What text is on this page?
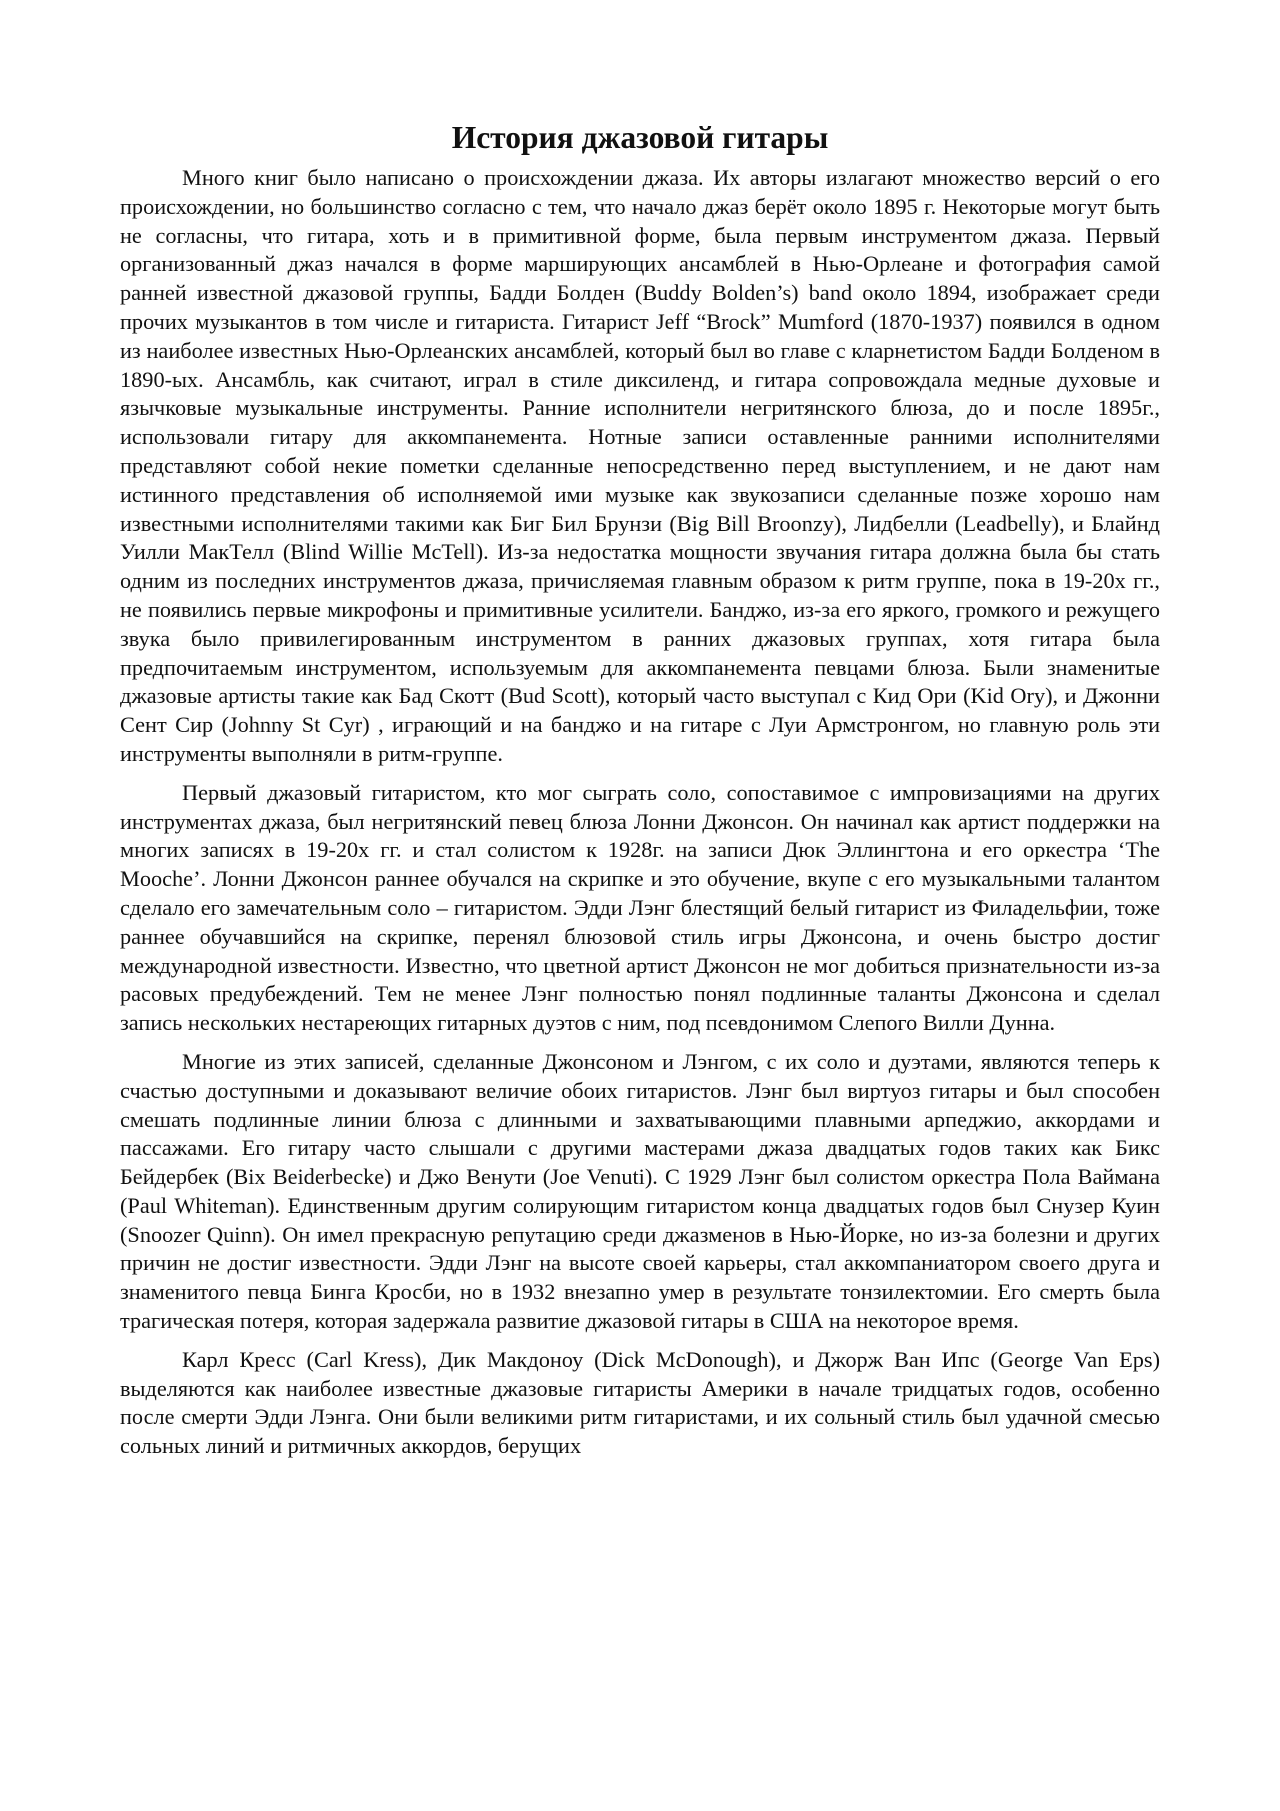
История джазовой гитары

Много книг было написано о происхождении джаза. Их авторы излагают множество версий о его происхождении, но большинство согласно с тем, что начало джаз берёт около 1895 г. Некоторые могут быть не согласны, что гитара, хоть и в примитивной форме, была первым инструментом джаза. Первый организованный джаз начался в форме марширующих ансамблей в Нью-Орлеане и фотография самой ранней известной джазовой группы, Бадди Болден (Buddy Bolden’s) band около 1894, изображает среди прочих музыкантов в том числе и гитариста. Гитарист Jeff “Brock” Mumford (1870-1937) появился в одном из наиболее известных Нью-Орлеанских ансамблей, который был во главе с кларнетистом Бадди Болденом в 1890-ых. Ансамбль, как считают, играл в стиле диксиленд, и гитара сопровождала медные духовые и язычковые музыкальные инструменты. Ранние исполнители негритянского блюза, до и после 1895г., использовали гитару для аккомпанемента. Нотные записи оставленные ранними исполнителями представляют собой некие пометки сделанные непосредственно перед выступлением, и не дают нам истинного представления об исполняемой ими музыке как звукозаписи сделанные позже хорошо нам известными исполнителями такими как Биг Бил Брунзи (Big Bill Broonzy), Лидбелли (Leadbelly), и Блайнд Уилли МакТелл (Blind Willie McTell). Из-за недостатка мощности звучания гитара должна была бы стать одним из последних инструментов джаза, причисляемая главным образом к ритм группе, пока в 19-20х гг., не появились первые микрофоны и примитивные усилители. Банджо, из-за его яркого, громкого и режущего звука было привилегированным инструментом в ранних джазовых группах, хотя гитара была предпочитаемым инструментом, используемым для аккомпанемента певцами блюза. Были знаменитые джазовые артисты такие как Бад Скотт (Bud Scott), который часто выступал с Кид Ори (Kid Ory), и Джонни Сент Сир (Johnny St Cyr) , играющий и на банджо и на гитаре с Луи Армстронгом, но главную роль эти инструменты выполняли в ритм-группе.

Первый джазовый гитаристом, кто мог сыграть соло, сопоставимое с импровизациями на других инструментах джаза, был негритянский певец блюза Лонни Джонсон. Он начинал как артист поддержки на многих записях в 19-20х гг. и стал солистом к 1928г. на записи Дюк Эллингтона и его оркестра ‘The Mooche’. Лонни Джонсон раннее обучался на скрипке и это обучение, вкупе с его музыкальными талантом сделало его замечательным соло – гитаристом. Эдди Лэнг блестящий белый гитарист из Филадельфии, тоже раннее обучавшийся на скрипке, перенял блюзовой стиль игры Джонсона, и очень быстро достиг международной известности. Известно, что цветной артист Джонсон не мог добиться признательности из-за расовых предубеждений. Тем не менее Лэнг полностью понял подлинные таланты Джонсона и сделал запись нескольких нестареющих гитарных дуэтов с ним, под псевдонимом Слепого Вилли Дунна.

Многие из этих записей, сделанные Джонсоном и Лэнгом, с их соло и дуэтами, являются теперь к счастью доступными и доказывают величие обоих гитаристов. Лэнг был виртуоз гитары и был способен смешать подлинные линии блюза с длинными и захватывающими плавными арпеджио, аккордами и пассажами. Его гитару часто слышали с другими мастерами джаза двадцатых годов таких как Бикс Бейдербек (Bix Beiderbecke) и Джо Венути (Joe Venuti). С 1929 Лэнг был солистом оркестра Пола Ваймана (Paul Whiteman). Единственным другим солирующим гитаристом конца двадцатых годов был Снузер Куин (Snoozer Quinn). Он имел прекрасную репутацию среди джазменов в Нью-Йорке, но из-за болезни и других причин не достиг известности. Эдди Лэнг на высоте своей карьеры, стал аккомпаниатором своего друга и знаменитого певца Бинга Кросби, но в 1932 внезапно умер в результате тонзилектомии. Его смерть была трагическая потеря, которая задержала развитие джазовой гитары в США на некоторое время.

Карл Кресс (Carl Kress), Дик Макдоноу (Dick McDonough), и Джорж Ван Ипс (George Van Eps) выделяются как наиболее известные джазовые гитаристы Америки в начале тридцатых годов, особенно после смерти Эдди Лэнга. Они были великими ритм гитаристами, и их сольный стиль был удачной смесью сольных линий и ритмичных аккордов, берущих
